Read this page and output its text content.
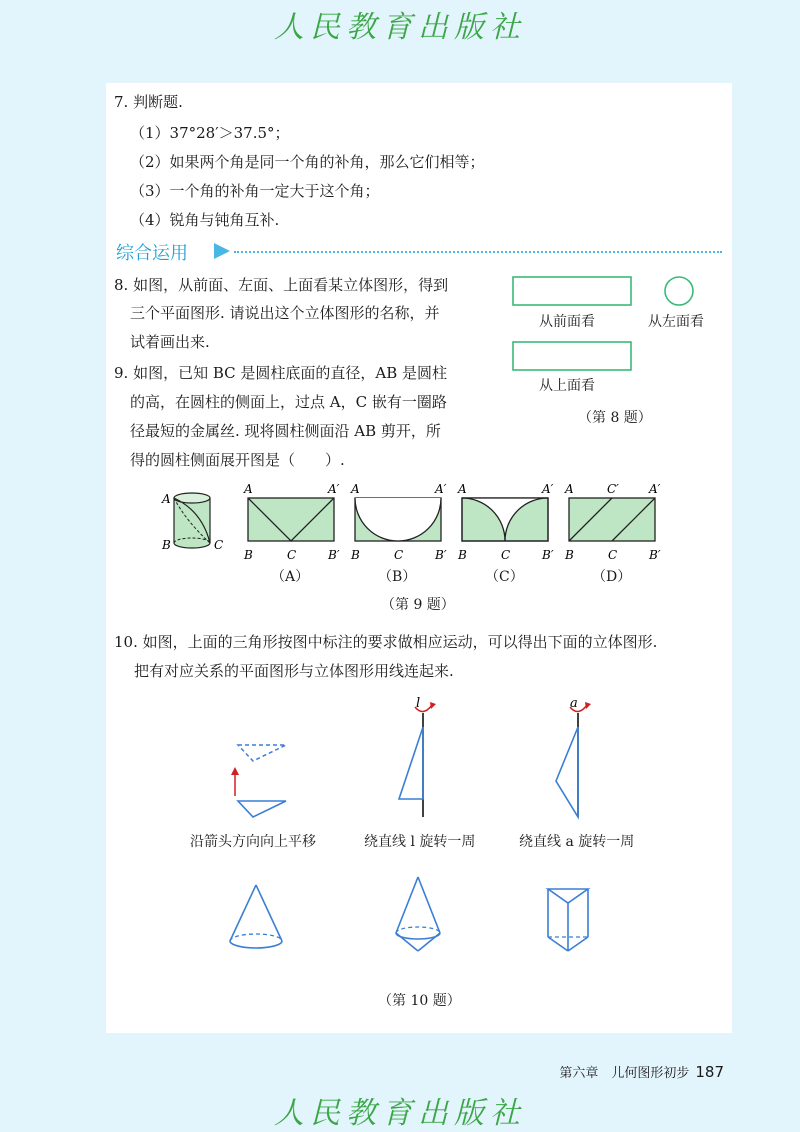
人民教育出版社
7. 判断题.
（1）37°28′＞37.5°；
（2）如果两个角是同一个角的补角，那么它们相等；
（3）一个角的补角一定大于这个角；
（4）锐角与钝角互补.
综合运用
8. 如图，从前面、左面、上面看某立体图形，得到
三个平面图形. 请说出这个立体图形的名称，并
试着画出来.
从前面看	从左面看
从上面看
（第 8 题）
9. 如图，已知 BC 是圆柱底面的直径，AB 是圆柱
的高，在圆柱的侧面上，过点 A，C 嵌有一圈路
径最短的金属丝. 现将圆柱侧面沿 AB 剪开，所
得的圆柱侧面展开图是（　　）.
A
B	C
A	A′
B	C	B′
A	A′
B	C	B′
A	A′
B	C	B′
A	C′	A′
B	C	B′
（A）	（B）	（C）	（D）
（第 9 题）
10. 如图，上面的三角形按图中标注的要求做相应运动，可以得出下面的立体图形.
把有对应关系的平面图形与立体图形用线连起来.
l	a
沿箭头方向向上平移	绕直线 l 旋转一周	绕直线 a 旋转一周
（第 10 题）
第六章　儿何图形初步 187
人民教育出版社
